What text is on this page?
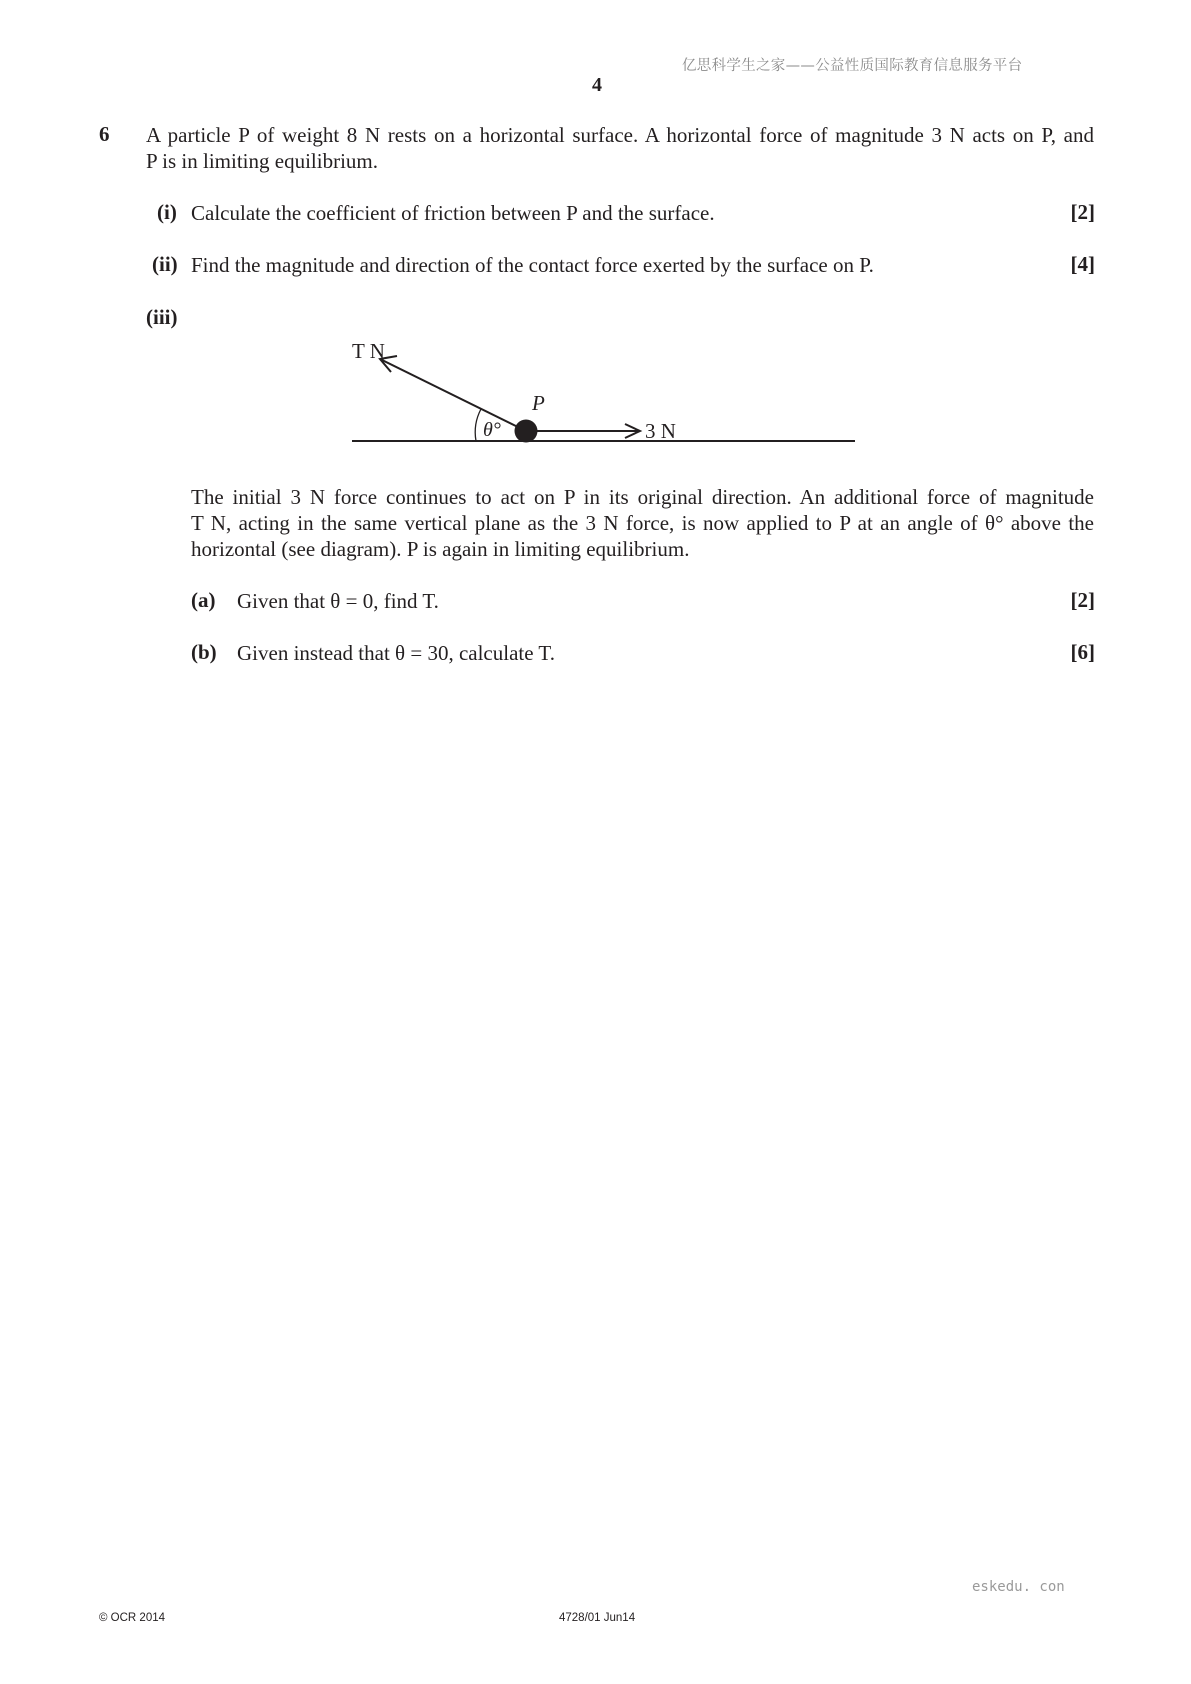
亿思科学生之家——公益性质国际教育信息服务平台
4
6 A particle P of weight 8 N rests on a horizontal surface. A horizontal force of magnitude 3 N acts on P, and
P is in limiting equilibrium.
(i) Calculate the coefficient of friction between P and the surface.	[2]
(ii) Find the magnitude and direction of the contact force exerted by the surface on P.	[4]
(iii)
T N
θ°	3 N
P
The initial 3 N force continues to act on P in its original direction. An additional force of magnitude
T N, acting in the same vertical plane as the 3 N force, is now applied to P at an angle of θ° above the
horizontal (see diagram). P is again in limiting equilibrium.
(a) Given that θ = 0, find T.	[2]
(b) Given instead that θ = 30, calculate T.	[6]
eskedu. con
© OCR 2014	4728/01 Jun14
